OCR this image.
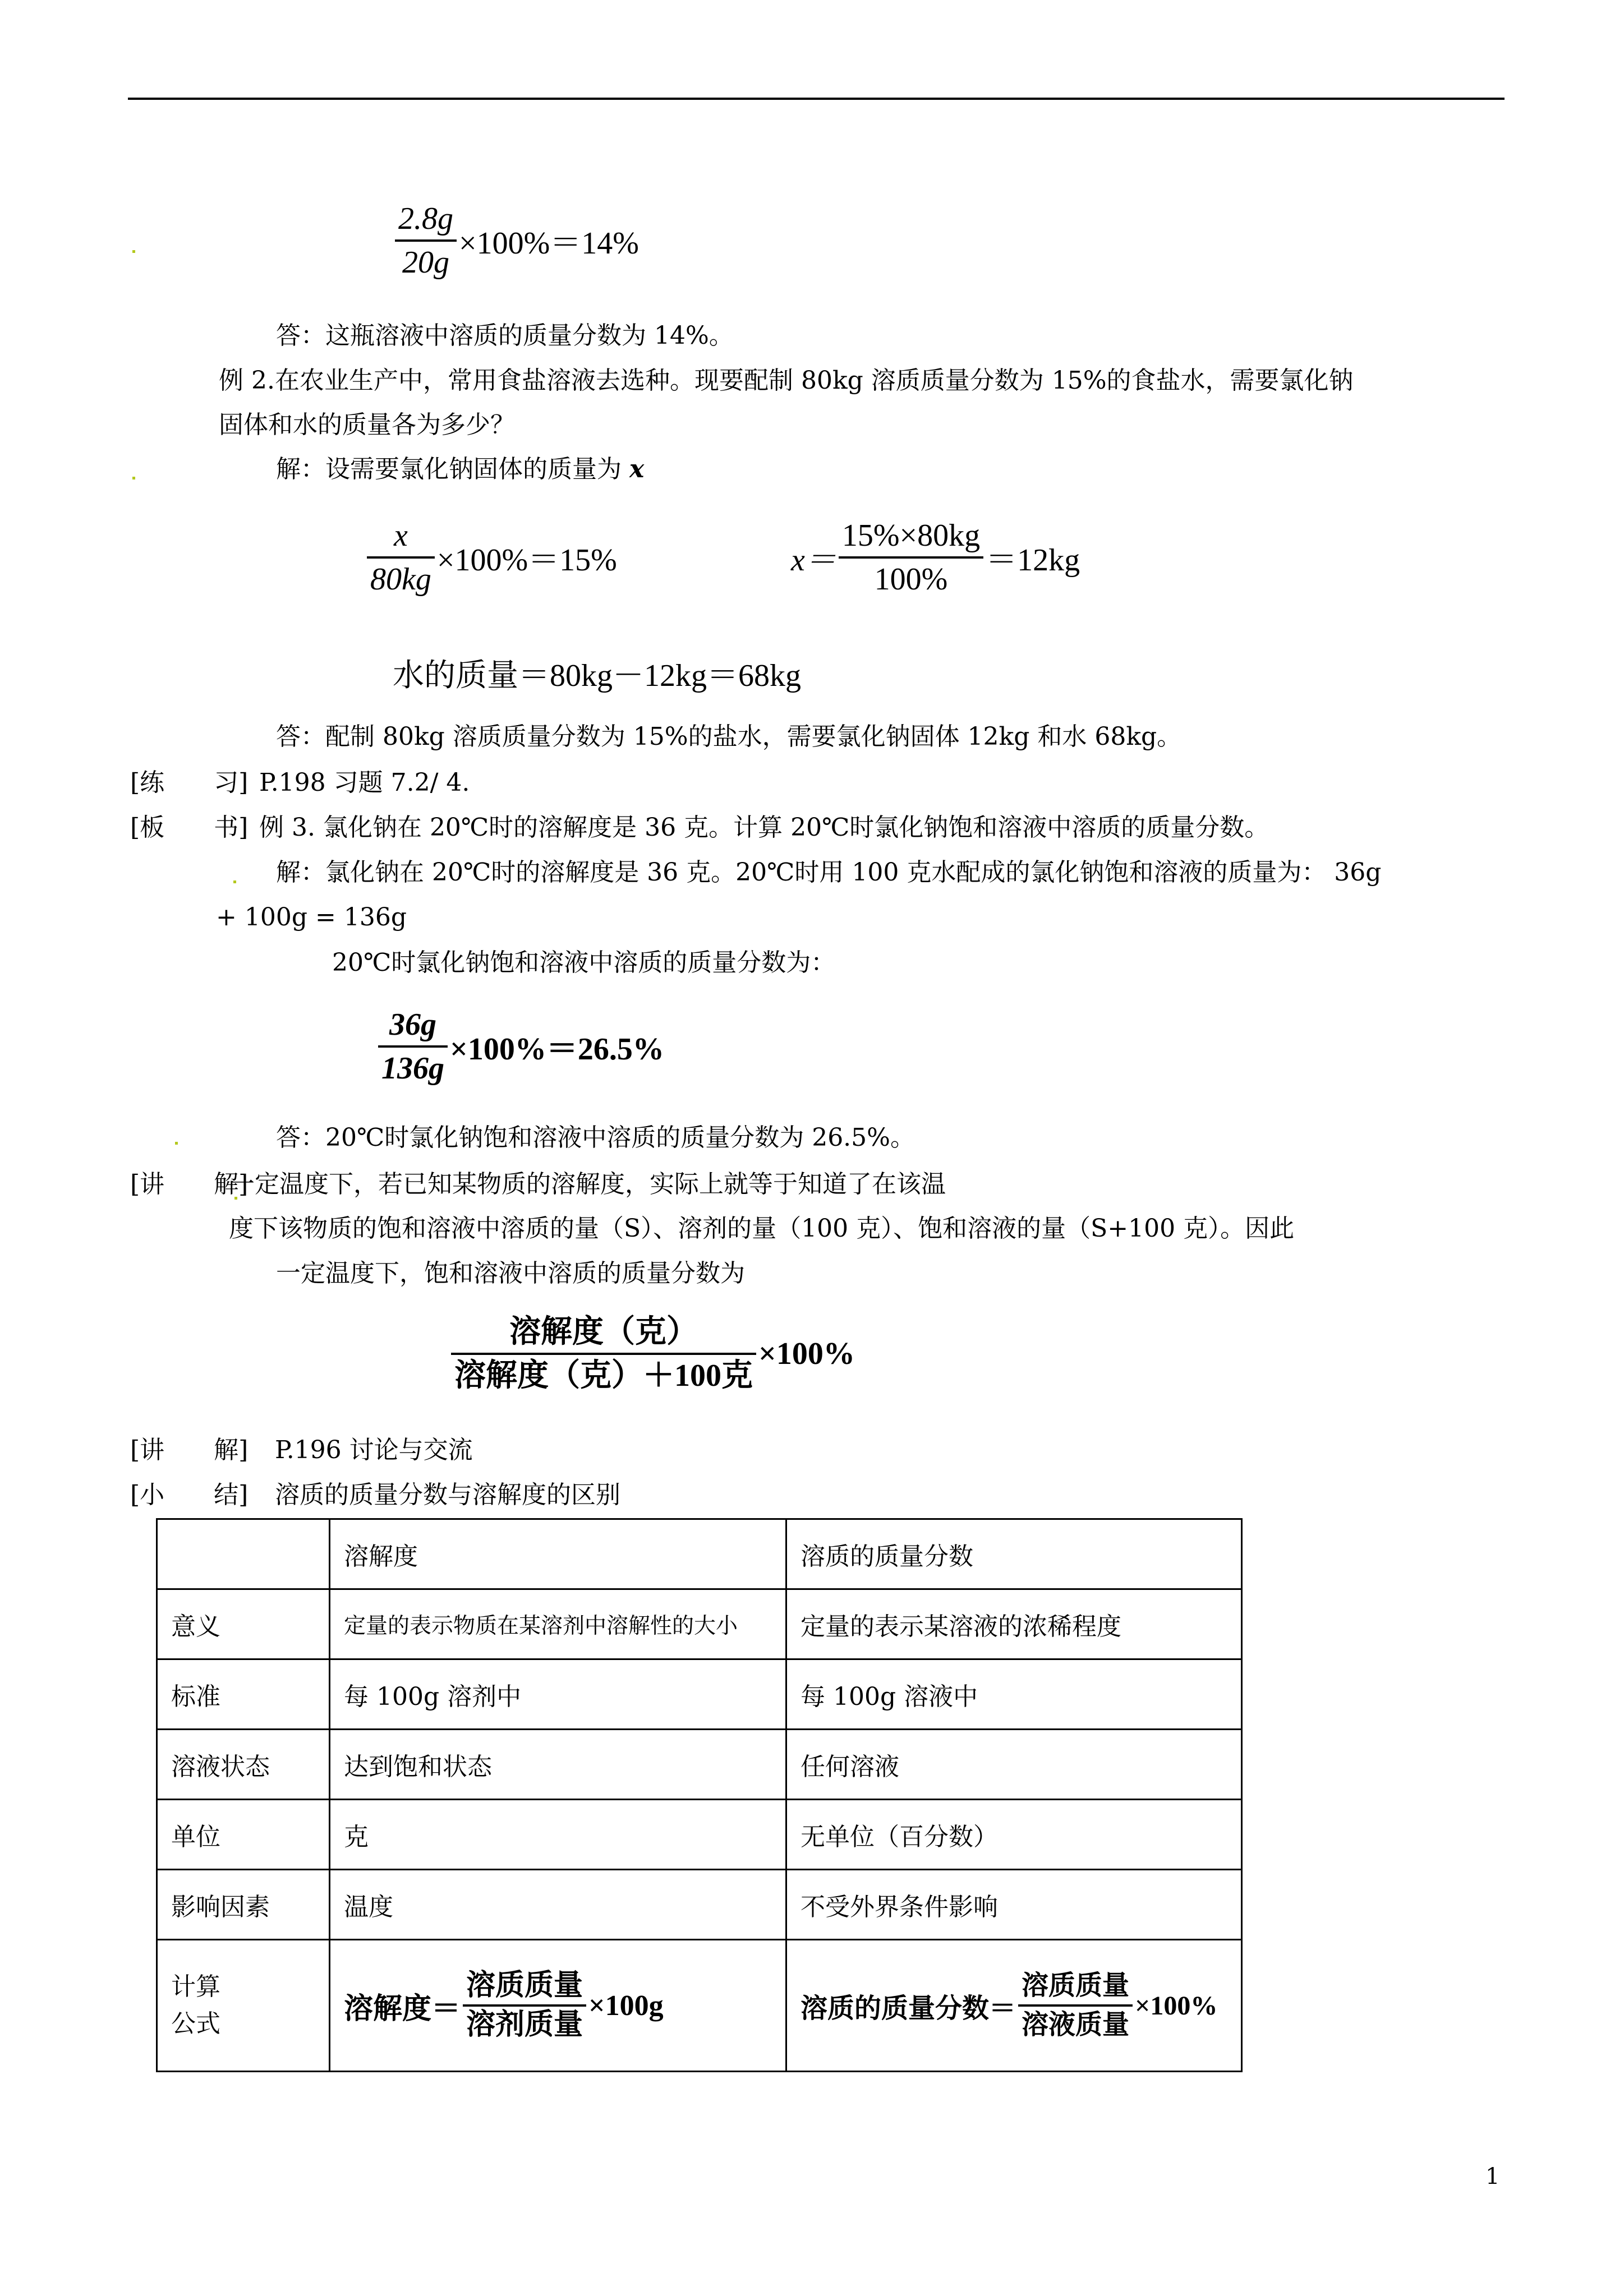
$\frac{2.8g}{20g} \times 100\%=14\%$
答：这瓶溶液中溶质的质量分数为 14%。
例 2.在农业生产中，常用食盐溶液去选种。现要配制 80kg 溶质质量分数为 15%的食盐水，需要氯化钠
固体和水的质量各为多少？
解：设需要氯化钠固体的质量为 x
$\frac{x}{80kg} \times 100\%=15\%$	$x= \frac{15\%\times 80kg}{100\%} =12kg$
水的质量＝80kg－12kg＝68kg
答：配制 80kg 溶质质量分数为 15%的盐水，需要氯化钠固体 12kg 和水 68kg。
[练　　习] P.198 习题 7.2/ 4.
[板　　书] 例 3. 氯化钠在 20℃时的溶解度是 36 克。计算 20℃时氯化钠饱和溶液中溶质的质量分数。
解：氯化钠在 20℃时的溶解度是 36 克。20℃时用 100 克水配成的氯化钠饱和溶液的质量为： 36g
+ 100g = 136g
20℃时氯化钠饱和溶液中溶质的质量分数为：
$\frac{36g}{136g} \times 100\%=26.5\%$
答：20℃时氯化钠饱和溶液中溶质的质量分数为 26.5%。
[讲　　解]一定温度下，若已知某物质的溶解度，实际上就等于知道了在该温
度下该物质的饱和溶液中溶质的量（S）、溶剂的量（100 克）、饱和溶液的量（S+100 克）。因此
一定温度下，饱和溶液中溶质的质量分数为
$\frac{\text{溶解度（克）}}{\text{溶解度（克）＋100克}} \times 100\%$
[讲　　解] P.196 讨论与交流
[小　　结] 溶质的质量分数与溶解度的区别
	溶解度	溶质的质量分数
意义	定量的表示物质在某溶剂中溶解性的大小	定量的表示某溶液的浓稀程度
标准	每 100g 溶剂中	每 100g 溶液中
溶液状态	达到饱和状态	任何溶液
单位	克	无单位（百分数）
影响因素	温度	不受外界条件影响
计算
公式	溶解度＝ $\frac{\text{溶质质量}}{\text{溶剂质量}} \times 100g$	溶质的质量分数＝ $\frac{\text{溶质质量}}{\text{溶液质量}} \times 100\%$
1
